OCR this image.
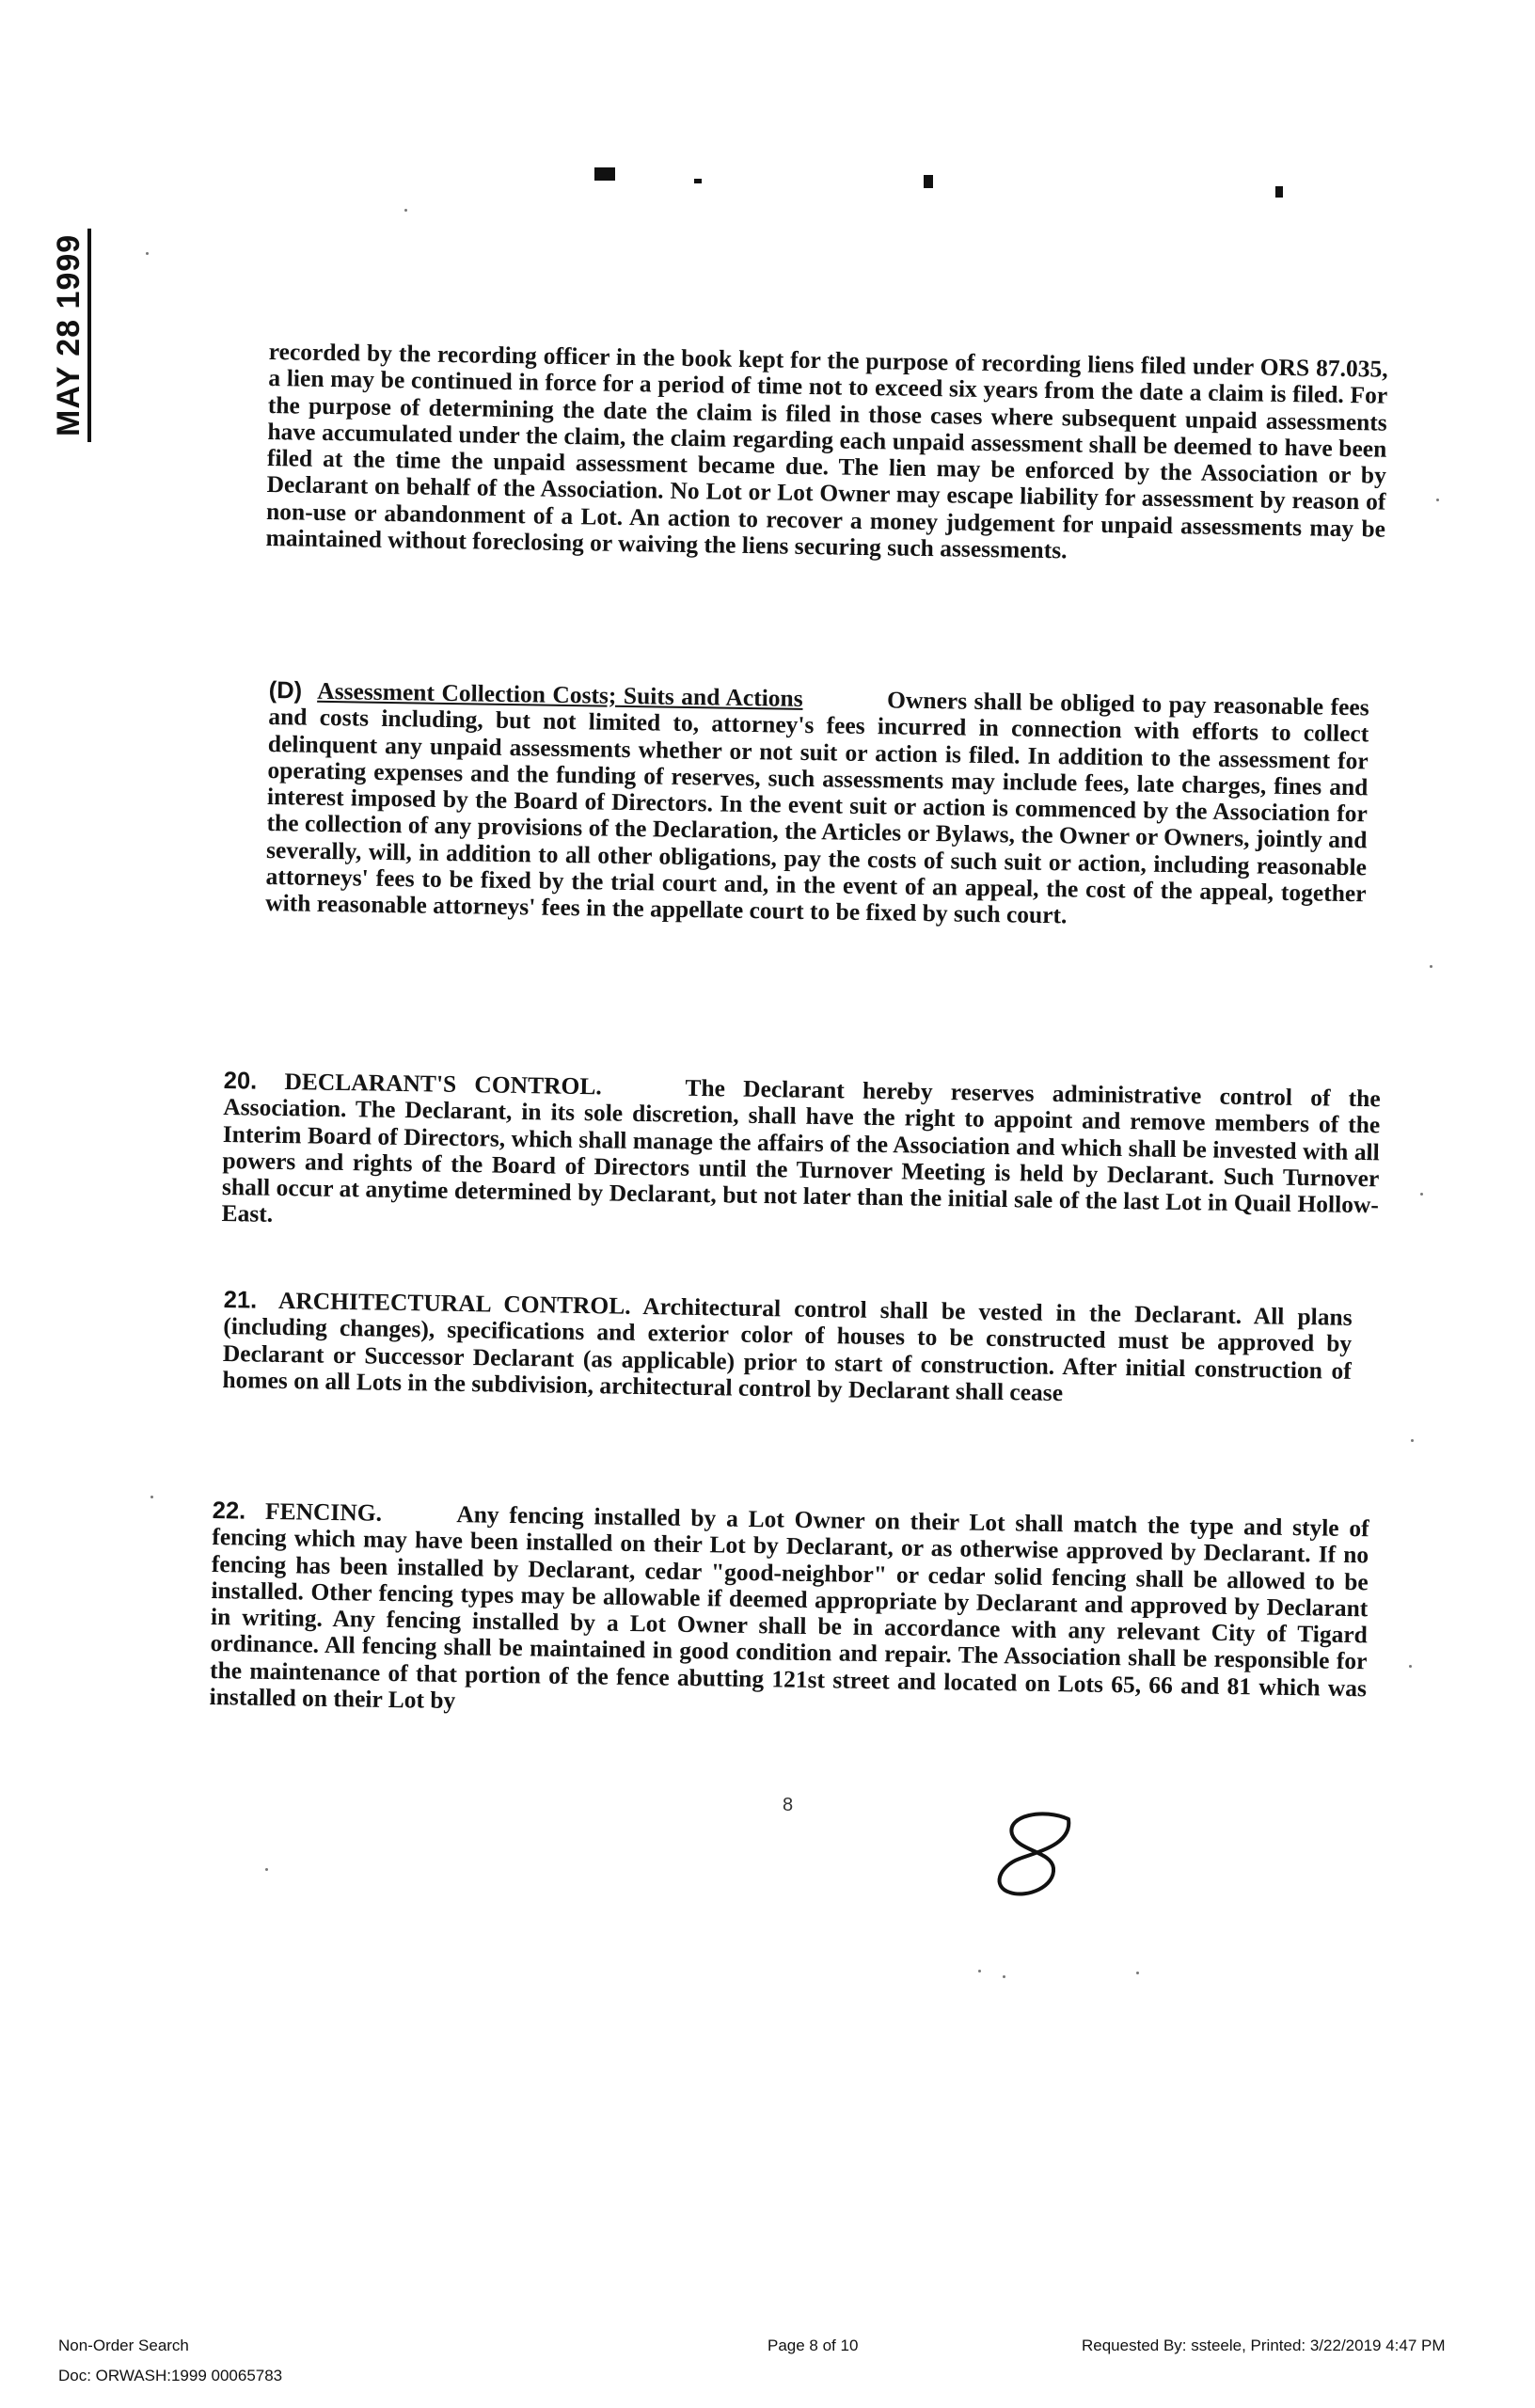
MAY 28 1999	recorded by the recording officer in the book kept for the purpose of recording liens filed under ORS 87.035, a lien may be continued in force for a period of time not to exceed six years from the date a claim is filed. For the purpose of determining the date the claim is filed in those cases where subsequent unpaid assessments have accumulated under the claim, the claim regarding each unpaid assessment shall be deemed to have been filed at the time the unpaid assessment became due. The lien may be enforced by the Association or by Declarant on behalf of the Association. No Lot or Lot Owner may escape liability for assessment by reason of non-use or abandonment of a Lot. An action to recover a money judgement for unpaid assessments may be maintained without foreclosing or waiving the liens securing such assessments.
(D) Assessment Collection Costs; Suits and Actions	Owners shall be obliged to pay reasonable fees and costs including, but not limited to, attorney's fees incurred in connection with efforts to collect delinquent any unpaid assessments whether or not suit or action is filed. In addition to the assessment for operating expenses and the funding of reserves, such assessments may include fees, late charges, fines and interest imposed by the Board of Directors. In the event suit or action is commenced by the Association for the collection of any provisions of the Declaration, the Articles or Bylaws, the Owner or Owners, jointly and severally, will, in addition to all other obligations, pay the costs of such suit or action, including reasonable attorneys' fees to be fixed by the trial court and, in the event of an appeal, the cost of the appeal, together with reasonable attorneys' fees in the appellate court to be fixed by such court.
20. DECLARANT'S CONTROL.	The Declarant hereby reserves administrative control of the Association. The Declarant, in its sole discretion, shall have the right to appoint and remove members of the Interim Board of Directors, which shall manage the affairs of the Association and which shall be invested with all powers and rights of the Board of Directors until the Turnover Meeting is held by Declarant. Such Turnover shall occur at anytime determined by Declarant, but not later than the initial sale of the last Lot in Quail Hollow-East.
21. ARCHITECTURAL CONTROL. Architectural control shall be vested in the Declarant. All plans (including changes), specifications and exterior color of houses to be constructed must be approved by Declarant or Successor Declarant (as applicable) prior to start of construction. After initial construction of homes on all Lots in the subdivision, architectural control by Declarant shall cease
22. FENCING.	Any fencing installed by a Lot Owner on their Lot shall match the type and style of fencing which may have been installed on their Lot by Declarant, or as otherwise approved by Declarant. If no fencing has been installed by Declarant, cedar "good-neighbor" or cedar solid fencing shall be allowed to be installed. Other fencing types may be allowable if deemed appropriate by Declarant and approved by Declarant in writing. Any fencing installed by a Lot Owner shall be in accordance with any relevant City of Tigard ordinance. All fencing shall be maintained in good condition and repair. The Association shall be responsible for the maintenance of that portion of the fence abutting 121st street and located on Lots 65, 66 and 81 which was installed on their Lot by
8
Non-Order Search
Doc: ORWASH:1999 00065783
Page 8 of 10	Requested By: ssteele, Printed: 3/22/2019 4:47 PM
